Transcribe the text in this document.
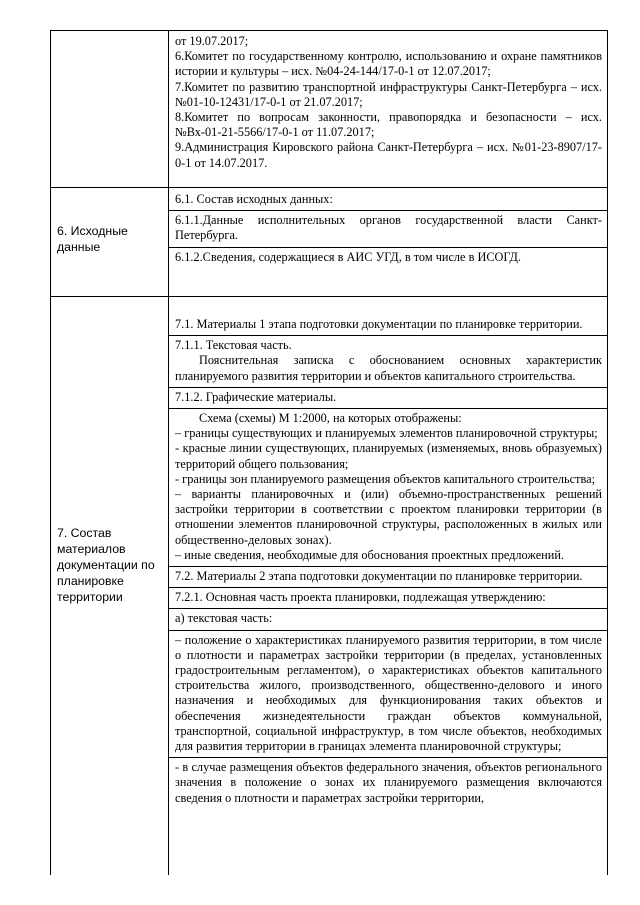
от 19.07.2017;

6.Комитет по государственному контролю, использованию и охране памятников истории и культуры – исх. №04-24-144/17-0-1 от 12.07.2017;

7.Комитет по развитию транспортной инфраструктуры Санкт-Петербурга – исх. №01-10-12431/17-0-1 от 21.07.2017;

8.Комитет по вопросам законности, правопорядка и безопасности – исх. №Вх-01-21-5566/17-0-1 от 11.07.2017;

9.Администрация Кировского района Санкт-Петербурга – исх. №01-23-8907/17-0-1 от 14.07.2017.

6. Исходные данные

6.1. Состав исходных данных:

6.1.1.Данные исполнительных органов государственной власти Санкт-Петербурга.

6.1.2.Сведения, содержащиеся в АИС УГД, в том числе в ИСОГД.

7. Состав материалов документации по планировке территории

7.1. Материалы 1 этапа подготовки документации по планировке территории.

7.1.1. Текстовая часть.

Пояснительная записка с обоснованием основных характеристик планируемого развития территории и объектов капитального строительства.

7.1.2. Графические материалы.

Схема (схемы) М 1:2000, на которых отображены:

– границы существующих и планируемых элементов планировочной структуры;

- красные линии существующих, планируемых (изменяемых, вновь образуемых) территорий общего пользования;

- границы зон планируемого размещения объектов капитального строительства;

– варианты планировочных и (или) объемно-пространственных решений застройки территории в соответствии с проектом планировки территории (в отношении элементов планировочной структуры, расположенных в жилых или общественно-деловых зонах).

– иные сведения, необходимые для обоснования проектных предложений.

7.2. Материалы 2 этапа подготовки документации по планировке территории.

7.2.1. Основная часть проекта планировки, подлежащая утверждению:

а) текстовая часть:

– положение о характеристиках планируемого развития территории, в том числе о плотности и параметрах застройки территории (в пределах, установленных градостроительным регламентом), о характеристиках объектов капитального строительства жилого, производственного, общественно-делового и иного назначения и необходимых для функционирования таких объектов и обеспечения жизнедеятельности граждан объектов коммунальной, транспортной, социальной инфраструктур, в том числе объектов, необходимых для развития территории в границах элемента планировочной структуры;

- в случае размещения объектов федерального значения, объектов регионального значения в положение о зонах их планируемого размещения включаются сведения о плотности и параметрах застройки территории,
